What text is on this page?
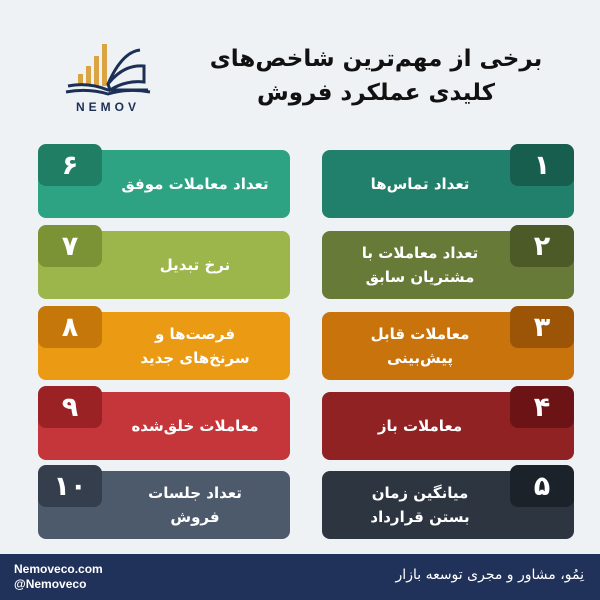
NEMOV
برخی از مهم‌ترین شاخص‌های
کلیدی عملکرد فروش
۱
تعداد تماس‌ها
۲
تعداد معاملات با
مشتریان سابق
۳
معاملات قابل
پیش‌بینی
۴
معاملات باز
۵
میانگین زمان
بستن قرارداد
۶
تعداد معاملات موفق
۷
نرخ تبدیل
۸	فرصت‌ها و
سرنخ‌های جدید
۹
معاملات خلق‌شده
۱۰	تعداد جلسات
فروش
Nemoveco.com
@Nemoveco
نِمُو، مشاور و مجری توسعه بازار
